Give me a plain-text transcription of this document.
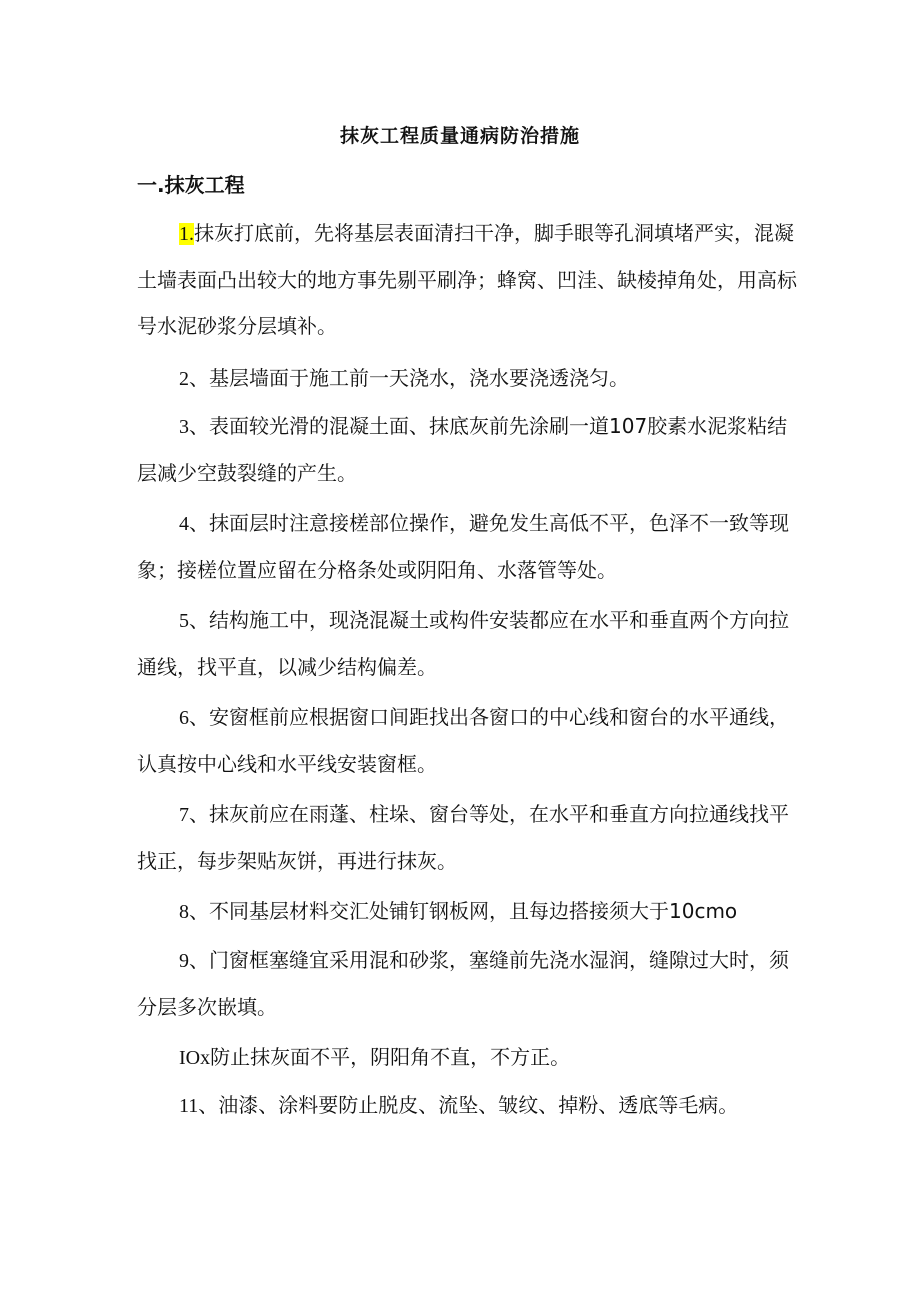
抹灰工程质量通病防治措施
一.抹灰工程

1.抹灰打底前，先将基层表面清扫干净，脚手眼等孔洞填堵严实，混凝土墙表面凸出较大的地方事先剔平刷净；蜂窝、凹洼、缺棱掉角处，用高标号水泥砂浆分层填补。

2、基层墙面于施工前一天浇水，浇水要浇透浇匀。

3、表面较光滑的混凝土面、抹底灰前先涂刷一道107胶素水泥浆粘结层减少空鼓裂缝的产生。

4、抹面层时注意接槎部位操作，避免发生高低不平，色泽不一致等现象；接槎位置应留在分格条处或阴阳角、水落管等处。

5、结构施工中，现浇混凝土或构件安装都应在水平和垂直两个方向拉通线，找平直，以减少结构偏差。

6、安窗框前应根据窗口间距找出各窗口的中心线和窗台的水平通线，认真按中心线和水平线安装窗框。

7、抹灰前应在雨蓬、柱垛、窗台等处，在水平和垂直方向拉通线找平找正，每步架贴灰饼，再进行抹灰。

8、不同基层材料交汇处铺钉钢板网，且每边搭接须大于10cmo

9、门窗框塞缝宜采用混和砂浆，塞缝前先浇水湿润，缝隙过大时，须分层多次嵌填。

IOx防止抹灰面不平，阴阳角不直，不方正。

11、油漆、涂料要防止脱皮、流坠、皱纹、掉粉、透底等毛病。
